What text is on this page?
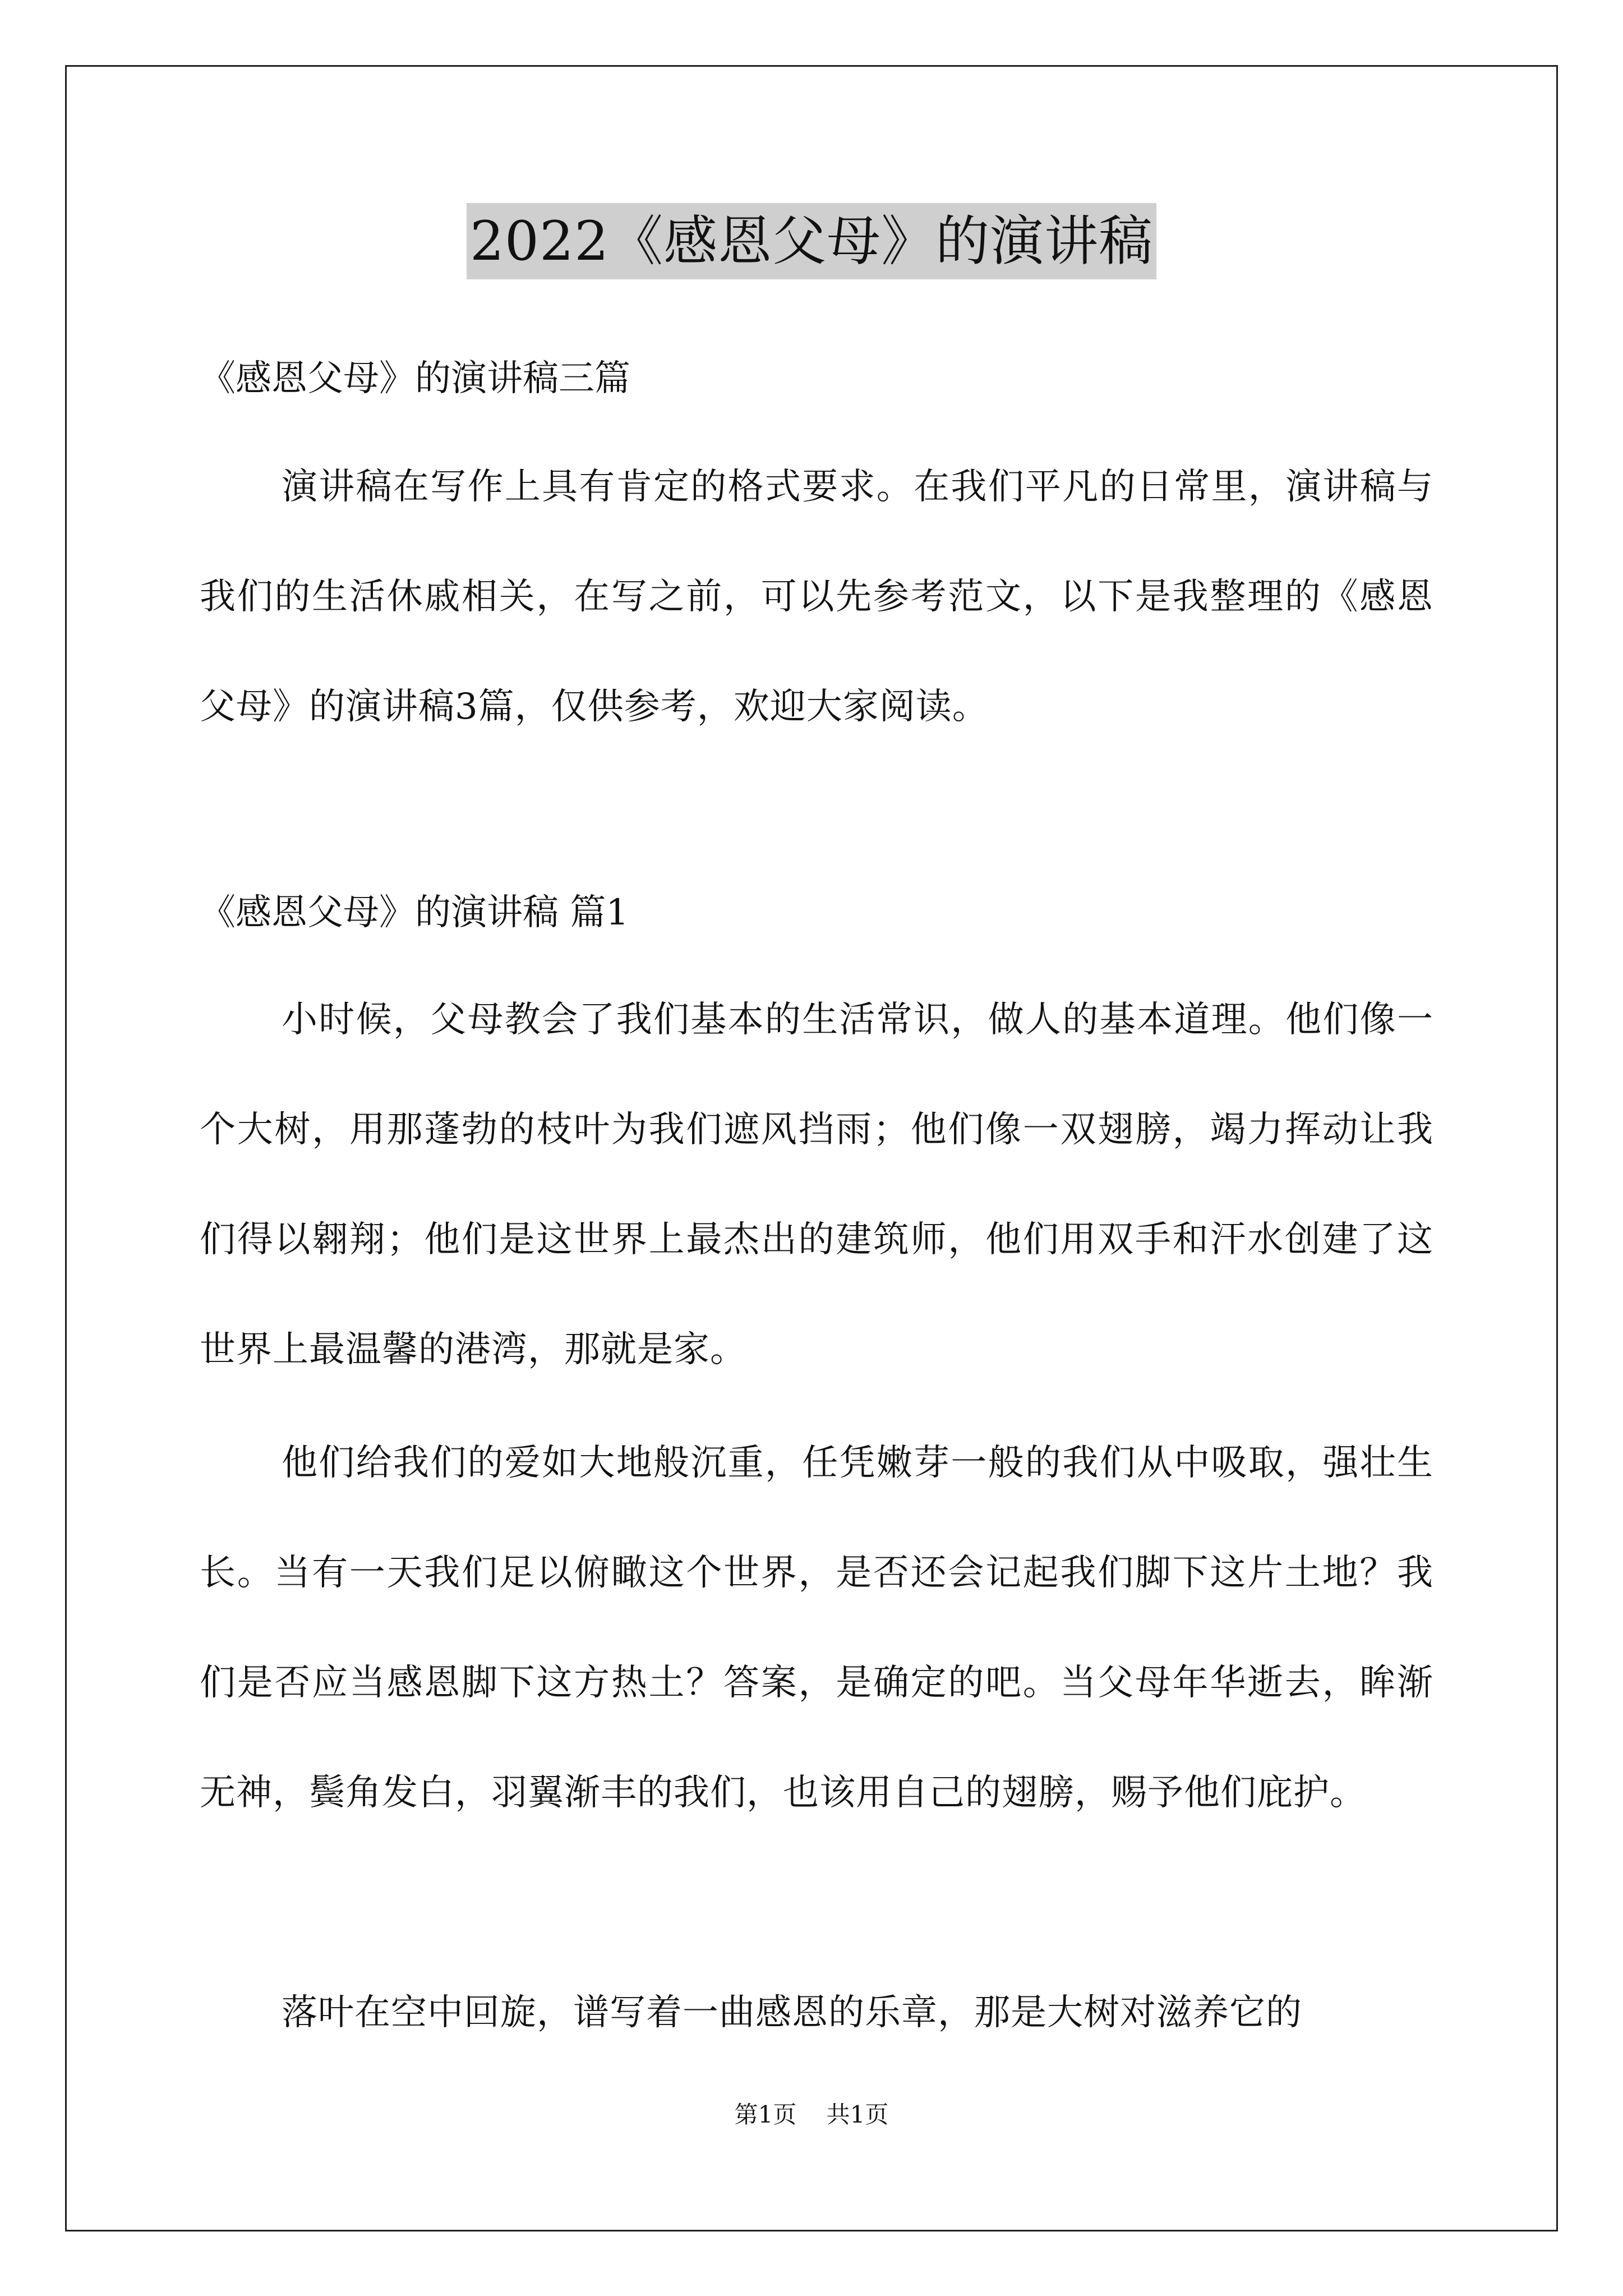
2022《感恩父母》的演讲稿
《感恩父母》的演讲稿三篇
演讲稿在写作上具有肯定的格式要求。在我们平凡的日常里，演讲稿与我们的生活休戚相关，在写之前，可以先参考范文，以下是我整理的《感恩父母》的演讲稿3篇，仅供参考，欢迎大家阅读。
《感恩父母》的演讲稿 篇1
小时候，父母教会了我们基本的生活常识，做人的基本道理。他们像一个大树，用那蓬勃的枝叶为我们遮风挡雨；他们像一双翅膀，竭力挥动让我们得以翱翔；他们是这世界上最杰出的建筑师，他们用双手和汗水创建了这世界上最温馨的港湾，那就是家。
他们给我们的爱如大地般沉重，任凭嫩芽一般的我们从中吸取，强壮生长。当有一天我们足以俯瞰这个世界，是否还会记起我们脚下这片土地？我们是否应当感恩脚下这方热土？答案，是确定的吧。当父母年华逝去，眸渐无神，鬓角发白，羽翼渐丰的我们，也该用自己的翅膀，赐予他们庇护。
落叶在空中回旋，谱写着一曲感恩的乐章，那是大树对滋养它的
第1页 共1页
